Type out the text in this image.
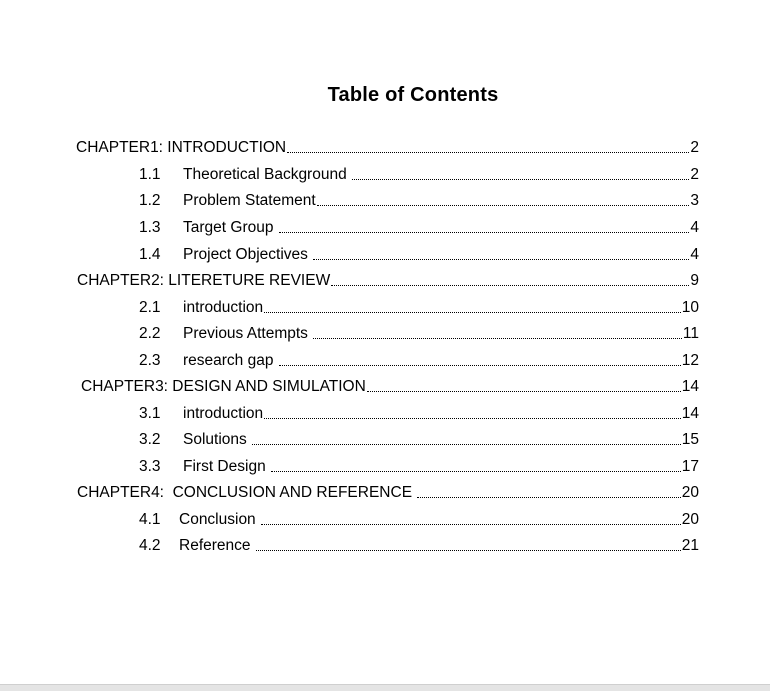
Table of Contents
CHAPTER1: INTRODUCTION	2
1.1	Theoretical Background	2
1.2	Problem Statement	3
1.3	Target Group	4
1.4	Project Objectives	4
CHAPTER2: LITERETURE REVIEW	9
2.1	introduction	10
2.2	Previous Attempts	11
2.3	research gap	12
CHAPTER3: DESIGN AND SIMULATION	14
3.1	introduction	14
3.2	Solutions	15
3.3	First Design	17
CHAPTER4:  CONCLUSION AND REFERENCE	20
4.1	Conclusion	20
4.2	Reference	21
